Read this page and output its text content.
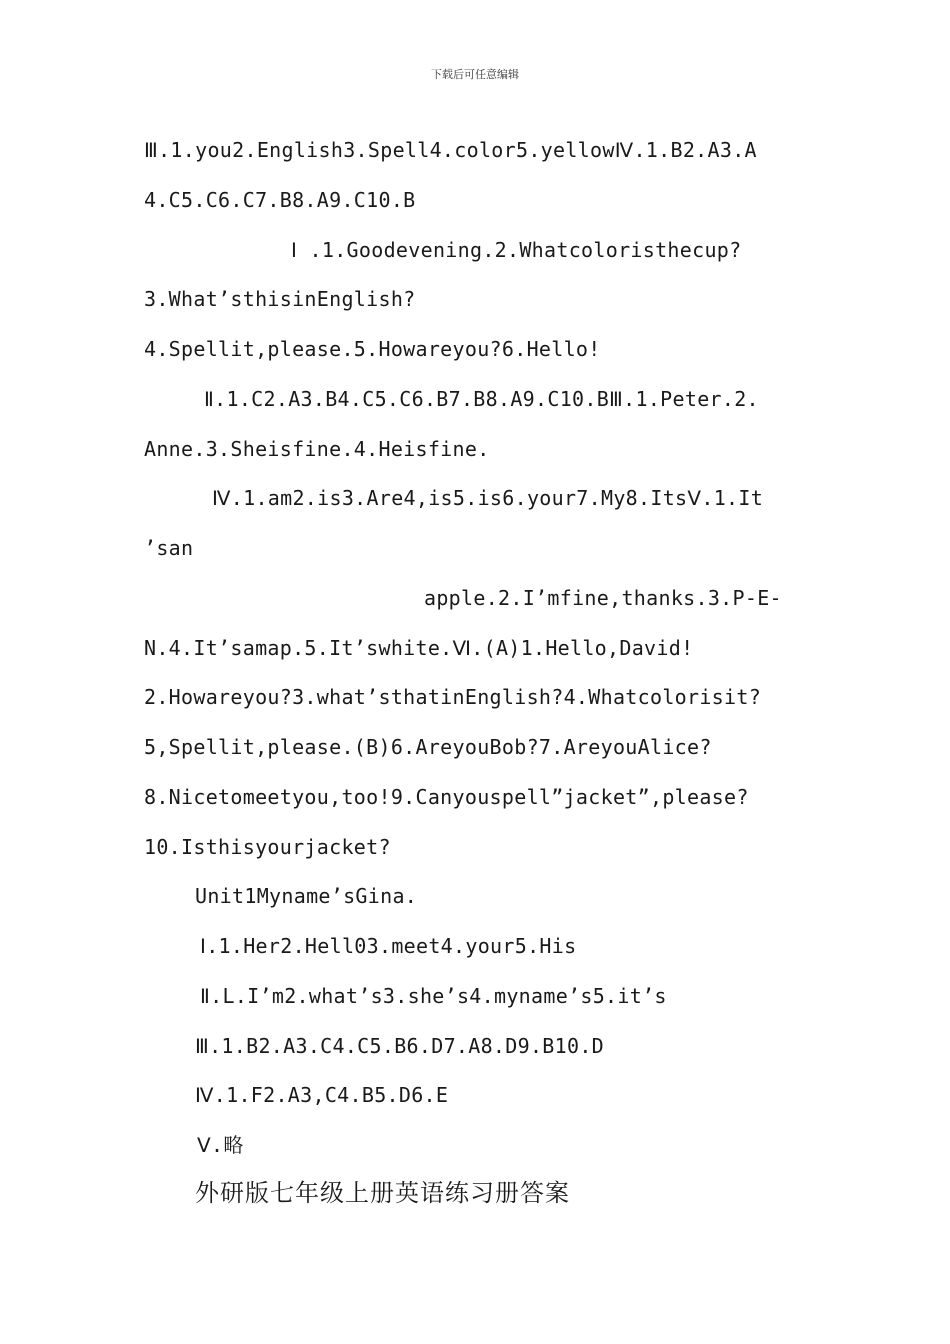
下载后可任意编辑
Ⅲ.1.you2.English3.Spell4.color5.yellowⅣ.1.B2.A3.A
4.C5.C6.C7.B8.A9.C10.B
Ⅰ .1.Goodevening.2.Whatcoloristhecup?
3.What’sthisinEnglish?
4.Spellit,please.5.Howareyou?6.Hello!
Ⅱ.1.C2.A3.B4.C5.C6.B7.B8.A9.C10.BⅢ.1.Peter.2.
Anne.3.Sheisfine.4.Heisfine.
Ⅳ.1.am2.is3.Are4,is5.is6.your7.My8.ItsⅤ.1.It
’san
apple.2.I’mfine,thanks.3.P-E-
N.4.It’samap.5.It’swhite.Ⅵ.(A)1.Hello,David!
2.Howareyou?3.what’sthatinEnglish?4.Whatcolorisit?
5,Spellit,please.(B)6.AreyouBob?7.AreyouAlice?
8.Nicetomeetyou,too!9.Canyouspell”jacket”,please?
10.Isthisyourjacket?
Unit1Myname’sGina.
Ⅰ.1.Her2.Hell03.meet4.your5.His
Ⅱ.L.I’m2.what’s3.she’s4.myname’s5.it’s
Ⅲ.1.B2.A3.C4.C5.B6.D7.A8.D9.B10.D
Ⅳ.1.F2.A3,C4.B5.D6.E
Ⅴ.略
外研版七年级上册英语练习册答案
